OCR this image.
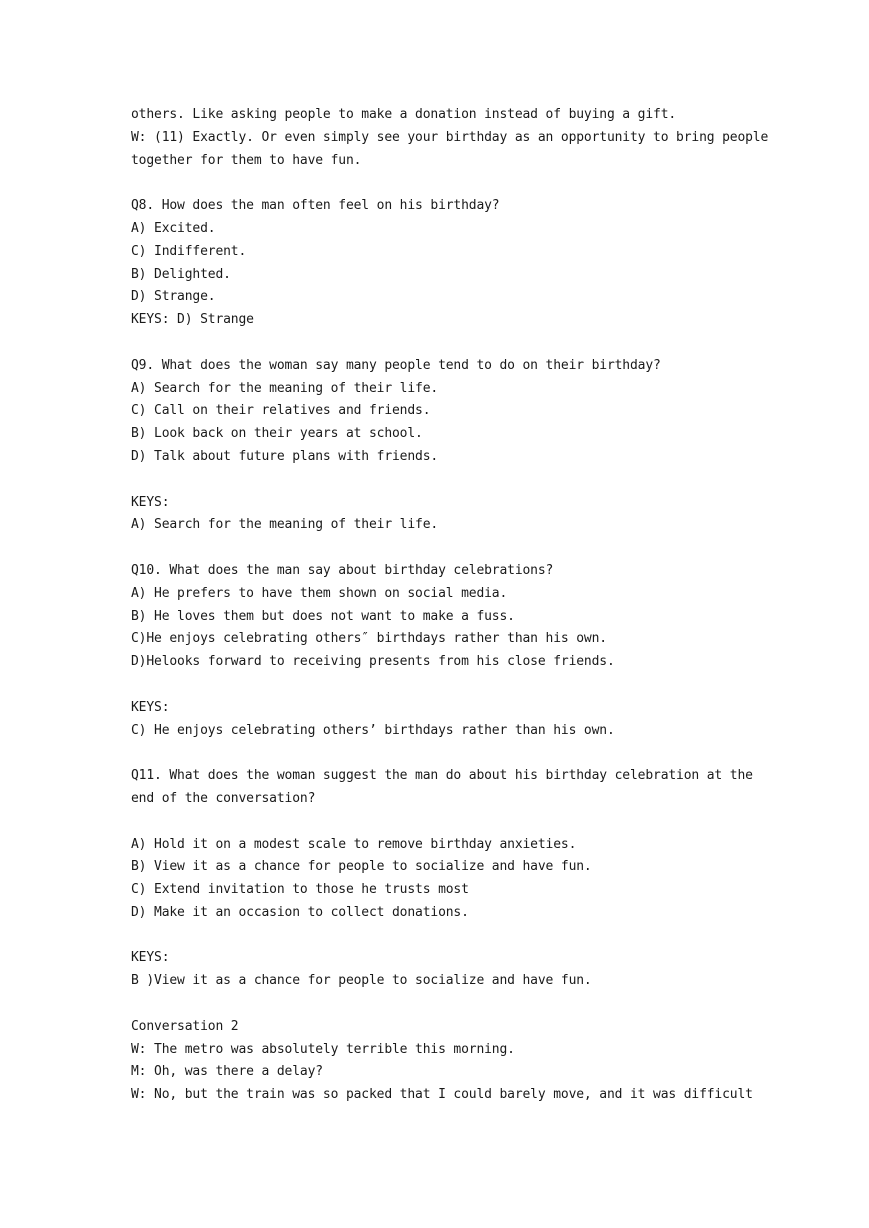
others. Like asking people to make a donation instead of buying a gift.
W: (11) Exactly. Or even simply see your birthday as an opportunity to bring people
together for them to have fun.
Q8. How does the man often feel on his birthday?
A) Excited.
C) Indifferent.
B) Delighted.
D) Strange.
KEYS: D) Strange
Q9. What does the woman say many people tend to do on their birthday?
A) Search for the meaning of their life.
C) Call on their relatives and friends.
B) Look back on their years at school.
D) Talk about future plans with friends.
KEYS:
A) Search for the meaning of their life.
Q10. What does the man say about birthday celebrations?
A) He prefers to have them shown on social media.
B) He loves them but does not want to make a fuss.
C)He enjoys celebrating others″ birthdays rather than his own.
D)Helooks forward to receiving presents from his close friends.
KEYS:
C) He enjoys celebrating others’ birthdays rather than his own.
Q11. What does the woman suggest the man do about his birthday celebration at the
end of the conversation?
A) Hold it on a modest scale to remove birthday anxieties.
B) View it as a chance for people to socialize and have fun.
C) Extend invitation to those he trusts most
D) Make it an occasion to collect donations.
KEYS:
B )View it as a chance for people to socialize and have fun.
Conversation 2
W: The metro was absolutely terrible this morning.
M: Oh, was there a delay?
W: No, but the train was so packed that I could barely move, and it was difficult
